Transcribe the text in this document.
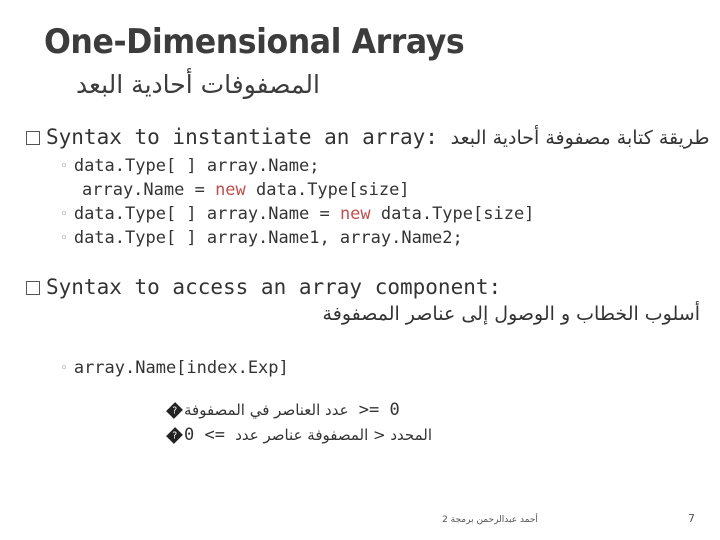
One-Dimensional Arrays
المصفوفات أحادية البعد
Syntax to instantiate an array: طريقة كتابة مصفوفة أحادية البعد
◦ data.Type[ ] array.Name;
array.Name = new data.Type[size]
◦ data.Type[ ] array.Name = new data.Type[size]
◦ data.Type[ ] array.Name1, array.Name2;
Syntax to access an array component:
أسلوب الخطاب و الوصول إلى عناصر المصفوفة
◦ array.Name[index.Exp]
? عدد العناصر في المصفوفة >= 0
? 0 <= المحدد < المصفوفة عناصر عدد
أحمد عبدالرحمن برمجة 2	7
